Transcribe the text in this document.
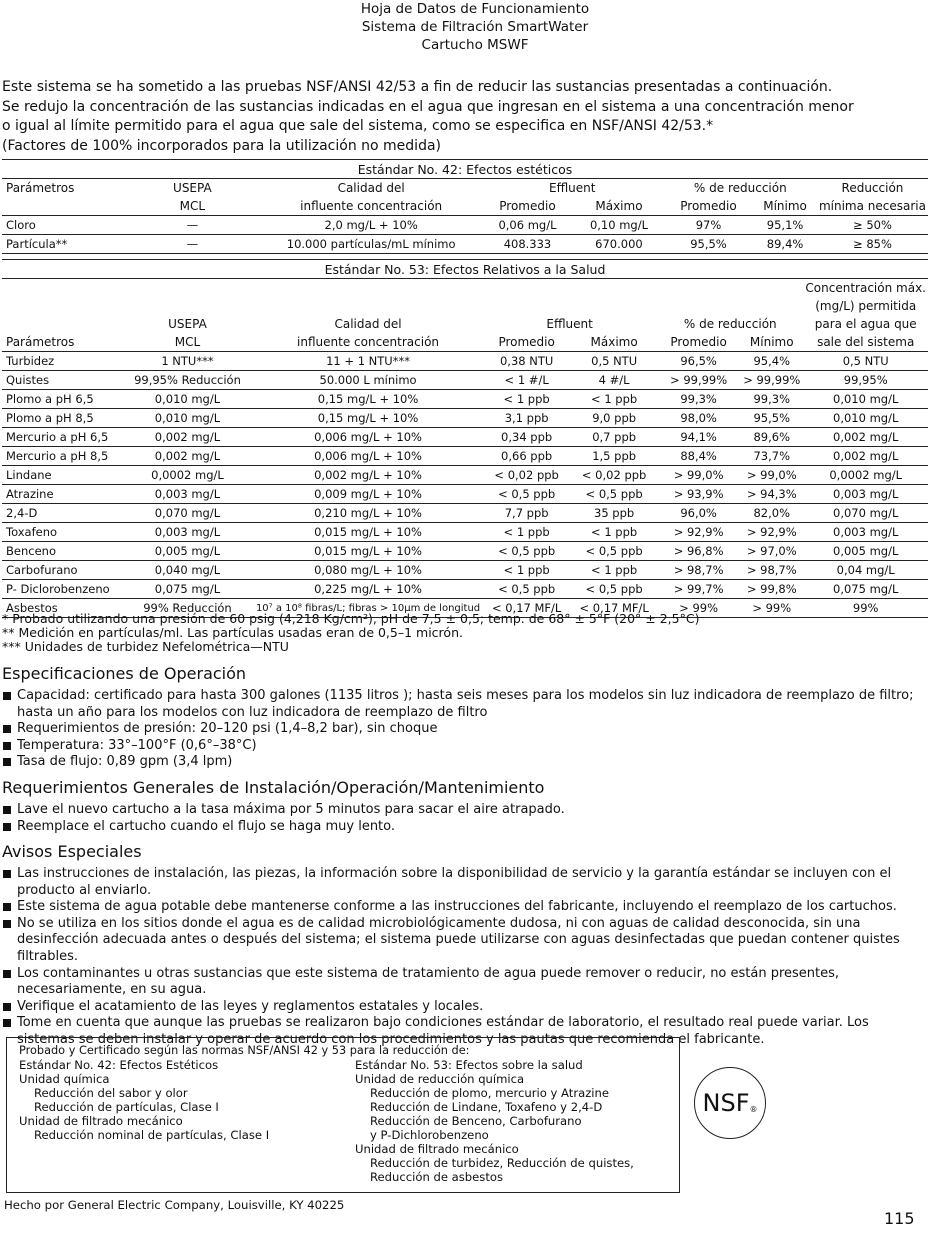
Hoja de Datos de Funcionamiento
Sistema de Filtración SmartWater
Cartucho MSWF

Este sistema se ha sometido a las pruebas NSF/ANSI 42/53 a fin de reducir las sustancias presentadas a continuación.

Se redujo la concentración de las sustancias indicadas en el agua que ingresan en el sistema a una concentración menor

o igual al límite permitido para el agua que sale del sistema, como se especifica en NSF/ANSI 42/53.*

(Factores de 100% incorporados para la utilización no medida)

Estándar No. 42: Efectos estéticos							
Parámetros	USEPA	Calidad del	Effluent		% de reducción		Reducción
	MCL	influente concentración	Promedio	Máximo	Promedio	Mínimo	mínima necesaria
Cloro	—	2,0 mg/L + 10%	0,06 mg/L	0,10 mg/L	97%	95,1%	≥ 50%
Partícula**	—	10.000 partículas/mL mínimo	408.333	670.000	95,5%	89,4%	≥ 85%
Estándar No. 53: Efectos Relativos a la Salud							
							Concentración máx.
							(mg/L) permitida
	USEPA	Calidad del	Effluent		% de reducción		para el agua que
Parámetros	MCL	influente concentración	Promedio	Máximo	Promedio	Mínimo	sale del sistema
Turbidez	1 NTU***	11 + 1 NTU***	0,38 NTU	0,5 NTU	96,5%	95,4%	0,5 NTU
Quistes	99,95% Reducción	50.000 L mínimo	< 1 #/L	4 #/L	> 99,99%	> 99,99%	99,95%
Plomo a pH 6,5	0,010 mg/L	0,15 mg/L + 10%	< 1 ppb	< 1 ppb	99,3%	99,3%	0,010 mg/L
Plomo a pH 8,5	0,010 mg/L	0,15 mg/L + 10%	3,1 ppb	9,0 ppb	98,0%	95,5%	0,010 mg/L
Mercurio a pH 6,5	0,002 mg/L	0,006 mg/L + 10%	0,34 ppb	0,7 ppb	94,1%	89,6%	0,002 mg/L
Mercurio a pH 8,5	0,002 mg/L	0,006 mg/L + 10%	0,66 ppb	1,5 ppb	88,4%	73,7%	0,002 mg/L
Lindane	0,0002 mg/L	0,002 mg/L + 10%	< 0,02 ppb	< 0,02 ppb	> 99,0%	> 99,0%	0,0002 mg/L
Atrazine	0,003 mg/L	0,009 mg/L + 10%	< 0,5 ppb	< 0,5 ppb	> 93,9%	> 94,3%	0,003 mg/L
2,4-D	0,070 mg/L	0,210 mg/L + 10%	7,7 ppb	35 ppb	96,0%	82,0%	0,070 mg/L
Toxafeno	0,003 mg/L	0,015 mg/L + 10%	< 1 ppb	< 1 ppb	> 92,9%	> 92,9%	0,003 mg/L
Benceno	0,005 mg/L	0,015 mg/L + 10%	< 0,5 ppb	< 0,5 ppb	> 96,8%	> 97,0%	0,005 mg/L
Carbofurano	0,040 mg/L	0,080 mg/L + 10%	< 1 ppb	< 1 ppb	> 98,7%	> 98,7%	0,04 mg/L
P- Diclorobenzeno	0,075 mg/L	0,225 mg/L + 10%	< 0,5 ppb	< 0,5 ppb	> 99,7%	> 99,8%	0,075 mg/L
Asbestos	99% Reducción	10⁷ a 10⁸ fibras/L; fibras > 10µm de longitud	< 0,17 MF/L	< 0,17 MF/L	> 99%	> 99%	99%
* Probado utilizando una presión de 60 psig (4,218 Kg/cm²), pH de 7,5 ± 0,5; temp. de 68° ± 5°F (20° ± 2,5°C)
** Medición en partículas/ml. Las partículas usadas eran de 0,5–1 micrón.
*** Unidades de turbidez Nefelométrica—NTU
Especificaciones de Operación
Capacidad: certificado para hasta 300 galones (1135 litros ); hasta seis meses para los modelos sin luz indicadora de reemplazo de filtro; hasta un año para los modelos con luz indicadora de reemplazo de filtro
Requerimientos de presión: 20–120 psi (1,4–8,2 bar), sin choque
Temperatura: 33°–100°F (0,6°–38°C)
Tasa de flujo: 0,89 gpm (3,4 lpm)
Requerimientos Generales de Instalación/Operación/Mantenimiento
Lave el nuevo cartucho a la tasa máxima por 5 minutos para sacar el aire atrapado.
Reemplace el cartucho cuando el flujo se haga muy lento.
Avisos Especiales
Las instrucciones de instalación, las piezas, la información sobre la disponibilidad de servicio y la garantía estándar se incluyen con el producto al enviarlo.
Este sistema de agua potable debe mantenerse conforme a las instrucciones del fabricante, incluyendo el reemplazo de los cartuchos.
No se utiliza en los sitios donde el agua es de calidad microbiológicamente dudosa, ni con aguas de calidad desconocida, sin una desinfección adecuada antes o después del sistema; el sistema puede utilizarse con aguas desinfectadas que puedan contener quistes filtrables.
Los contaminantes u otras sustancias que este sistema de tratamiento de agua puede remover o reducir, no están presentes, necesariamente, en su agua.
Verifique el acatamiento de las leyes y reglamentos estatales y locales.
Tome en cuenta que aunque las pruebas se realizaron bajo condiciones estándar de laboratorio, el resultado real puede variar. Los sistemas se deben instalar y operar de acuerdo con los procedimientos y las pautas que recomienda el fabricante.
Probado y Certificado según las normas NSF/ANSI 42 y 53 para la reducción de:
Estándar No. 42: Efectos Estéticos
Unidad química
Reducción del sabor y olor
Reducción de partículas, Clase I
Unidad de filtrado mecánico
Reducción nominal de partículas, Clase I
Estándar No. 53: Efectos sobre la salud
Unidad de reducción química
Reducción de plomo, mercurio y Atrazine
Reducción de Lindane, Toxafeno y 2,4-D
Reducción de Benceno, Carbofurano
y P-Dichlorobenzeno
Unidad de filtrado mecánico
Reducción de turbidez, Reducción de quistes,
Reducción de asbestos
NSF ®
Hecho por General Electric Company, Louisville, KY 40225
115
